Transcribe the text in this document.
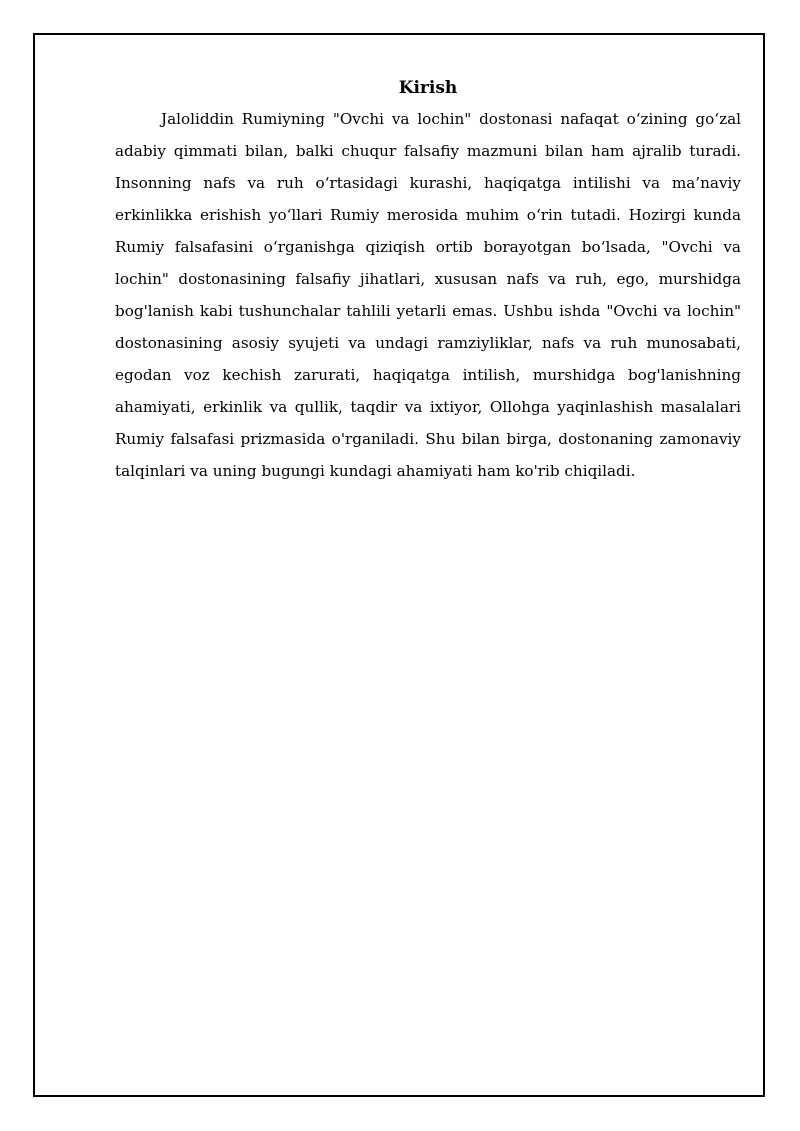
Kirish

Jaloliddin Rumiyning "Ovchi va lochin" dostonasi nafaqat o‘zining go‘zal adabiy qimmati bilan, balki chuqur falsafiy mazmuni bilan ham ajralib turadi. Insonning nafs va ruh o‘rtasidagi kurashi, haqiqatga intilishi va ma’naviy erkinlikka erishish yo‘llari Rumiy merosida muhim o‘rin tutadi. Hozirgi kunda Rumiy falsafasini o‘rganishga qiziqish ortib borayotgan bo‘lsada, "Ovchi va lochin" dostonasining falsafiy jihatlari, xususan nafs va ruh, ego, murshidga bog'lanish kabi tushunchalar tahlili yetarli emas. Ushbu ishda "Ovchi va lochin" dostonasining asosiy syujeti va undagi ramziyliklar, nafs va ruh munosabati, egodan voz kechish zarurati, haqiqatga intilish, murshidga bog'lanishning ahamiyati, erkinlik va qullik, taqdir va ixtiyor, Ollohga yaqinlashish masalalari Rumiy falsafasi prizmasida o'rganiladi. Shu bilan birga, dostonaning zamonaviy talqinlari va uning bugungi kundagi ahamiyati ham ko'rib chiqiladi.
